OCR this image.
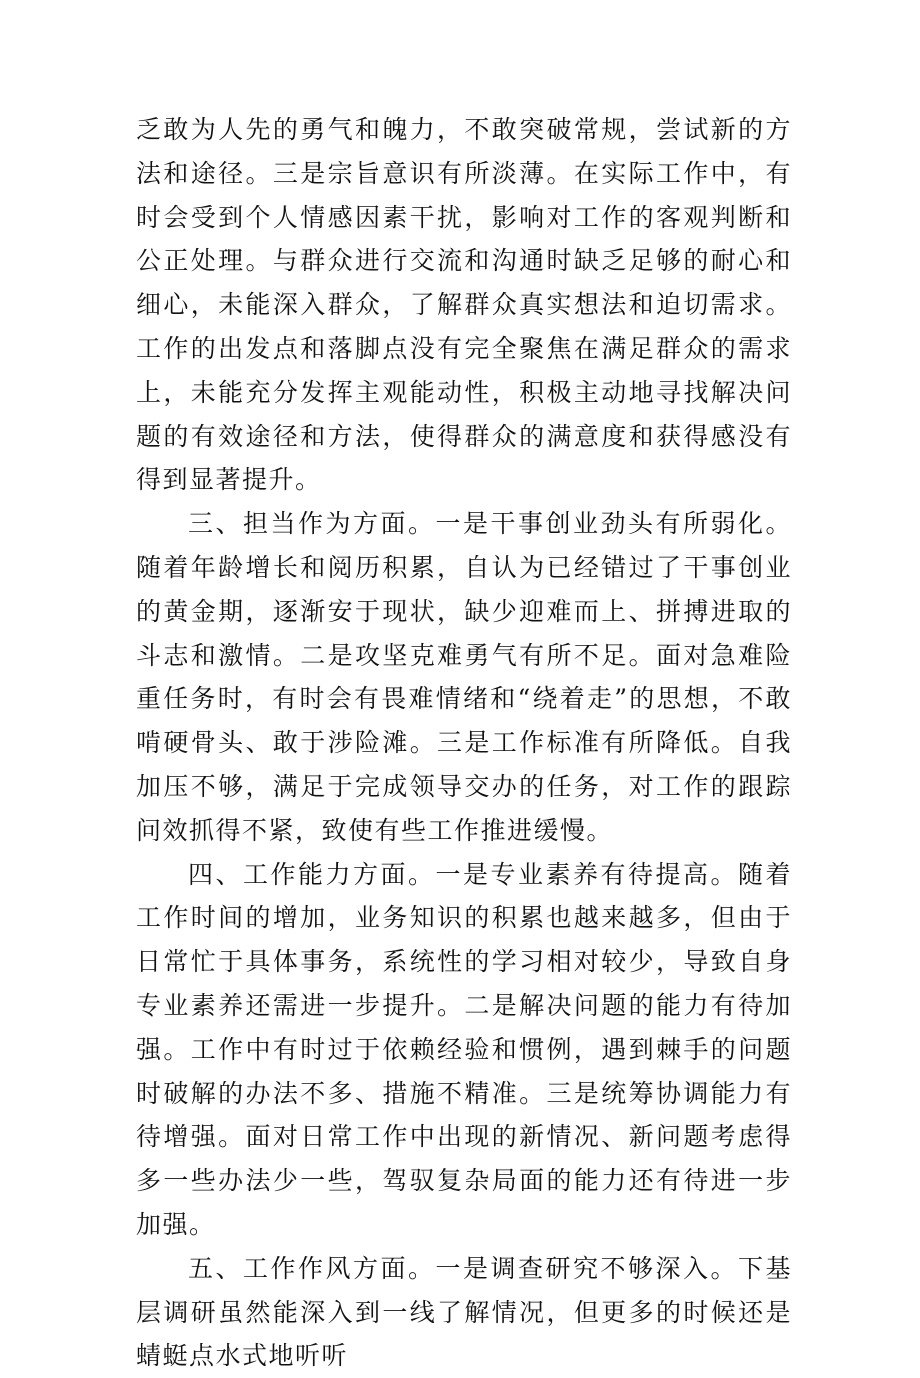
乏敢为人先的勇气和魄力，不敢突破常规，尝试新的方法和途径。三是宗旨意识有所淡薄。在实际工作中，有时会受到个人情感因素干扰，影响对工作的客观判断和公正处理。与群众进行交流和沟通时缺乏足够的耐心和细心，未能深入群众，了解群众真实想法和迫切需求。工作的出发点和落脚点没有完全聚焦在满足群众的需求上，未能充分发挥主观能动性，积极主动地寻找解决问题的有效途径和方法，使得群众的满意度和获得感没有得到显著提升。

三、担当作为方面。一是干事创业劲头有所弱化。随着年龄增长和阅历积累，自认为已经错过了干事创业的黄金期，逐渐安于现状，缺少迎难而上、拼搏进取的斗志和激情。二是攻坚克难勇气有所不足。面对急难险重任务时，有时会有畏难情绪和“绕着走”的思想，不敢啃硬骨头、敢于涉险滩。三是工作标准有所降低。自我加压不够，满足于完成领导交办的任务，对工作的跟踪问效抓得不紧，致使有些工作推进缓慢。

四、工作能力方面。一是专业素养有待提高。随着工作时间的增加，业务知识的积累也越来越多，但由于日常忙于具体事务，系统性的学习相对较少，导致自身专业素养还需进一步提升。二是解决问题的能力有待加强。工作中有时过于依赖经验和惯例，遇到棘手的问题时破解的办法不多、措施不精准。三是统筹协调能力有待增强。面对日常工作中出现的新情况、新问题考虑得多一些办法少一些，驾驭复杂局面的能力还有待进一步加强。

五、工作作风方面。一是调查研究不够深入。下基层调研虽然能深入到一线了解情况，但更多的时候还是蜻蜓点水式地听听
